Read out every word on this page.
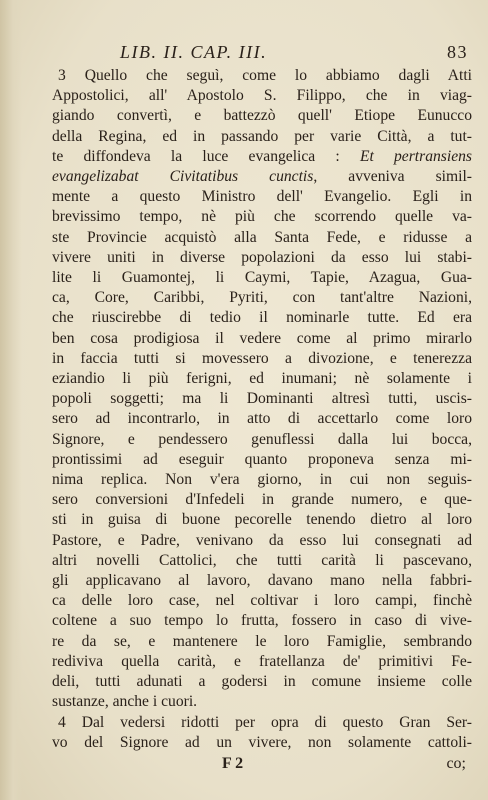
LIB. II. CAP. III.	83
3 Quello che seguì, come lo abbiamo dagli Atti
Appostolici, all' Apostolo S. Filippo, che in viag-
giando convertì, e battezzò quell' Etiope Eunucco
della Regina, ed in passando per varie Città, a tut-
te diffondeva la luce evangelica : Et pertransiens
evangelizabat Civitatibus cunctis, avveniva simil-
mente a questo Ministro dell' Evangelio. Egli in
brevissimo tempo, nè più che scorrendo quelle va-
ste Provincie acquistò alla Santa Fede, e ridusse a
vivere uniti in diverse popolazioni da esso lui stabi-
lite li Guamontej, li Caymi, Tapie, Azagua, Gua-
ca, Core, Caribbi, Pyriti, con tant'altre Nazioni,
che riuscirebbe di tedio il nominarle tutte. Ed era
ben cosa prodigiosa il vedere come al primo mirarlo
in faccia tutti si movessero a divozione, e tenerezza
eziandio li più ferigni, ed inumani; nè solamente i
popoli soggetti; ma li Dominanti altresì tutti, uscis-
sero ad incontrarlo, in atto di accettarlo come loro
Signore, e pendessero genuflessi dalla lui bocca,
prontissimi ad eseguir quanto proponeva senza mi-
nima replica. Non v'era giorno, in cui non seguis-
sero conversioni d'Infedeli in grande numero, e que-
sti in guisa di buone pecorelle tenendo dietro al loro
Pastore, e Padre, venivano da esso lui consegnati ad
altri novelli Cattolici, che tutti carità li pascevano,
gli applicavano al lavoro, davano mano nella fabbri-
ca delle loro case, nel coltivar i loro campi, finchè
coltene a suo tempo lo frutta, fossero in caso di vive-
re da se, e mantenere le loro Famiglie, sembrando
rediviva quella carità, e fratellanza de' primitivi Fe-
deli, tutti adunati a godersi in comune insieme colle
sustanze, anche i cuori.
4 Dal vedersi ridotti per opra di questo Gran Ser-
vo del Signore ad un vivere, non solamente cattoli-
F 2	co;
